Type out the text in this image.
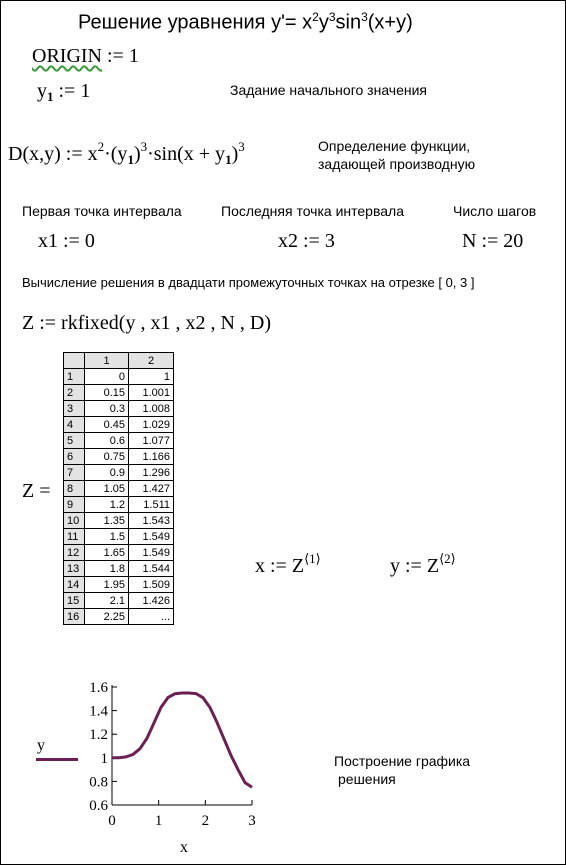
Решение уравнения $y'= x^2y^3\sin^3(x+y)$
ORIGIN := 1
$y_1$ := 1	Задание начального значения
D(x,y) := $x^2\cdot(y_1)^3\cdot\sin(x + y_1)^3$	Определение функции,
задающей производную
Первая точка интервала	Последняя точка интервала	Число шагов
x1 := 0	x2 := 3	N := 20
Вычисление решения в двадцати промежуточных точках на отрезке [ 0, 3 ]
Z := rkfixed(y , x1 , x2 , N , D)
Z =
	1	2
1	0	1
2	0.15	1.001
3	0.3	1.008
4	0.45	1.029
5	0.6	1.077
6	0.75	1.166
7	0.9	1.296
8	1.05	1.427
9	1.2	1.511
10	1.35	1.543
11	1.5	1.549
12	1.65	1.549
13	1.8	1.544
14	1.95	1.509
15	2.1	1.426
16	2.25	...
x := $Z^{⟨1⟩}$	y := $Z^{⟨2⟩}$
Построение графика
решения
y
0.6
0.8
1
1.2
1.4
1.6
0	1	2	3
x
